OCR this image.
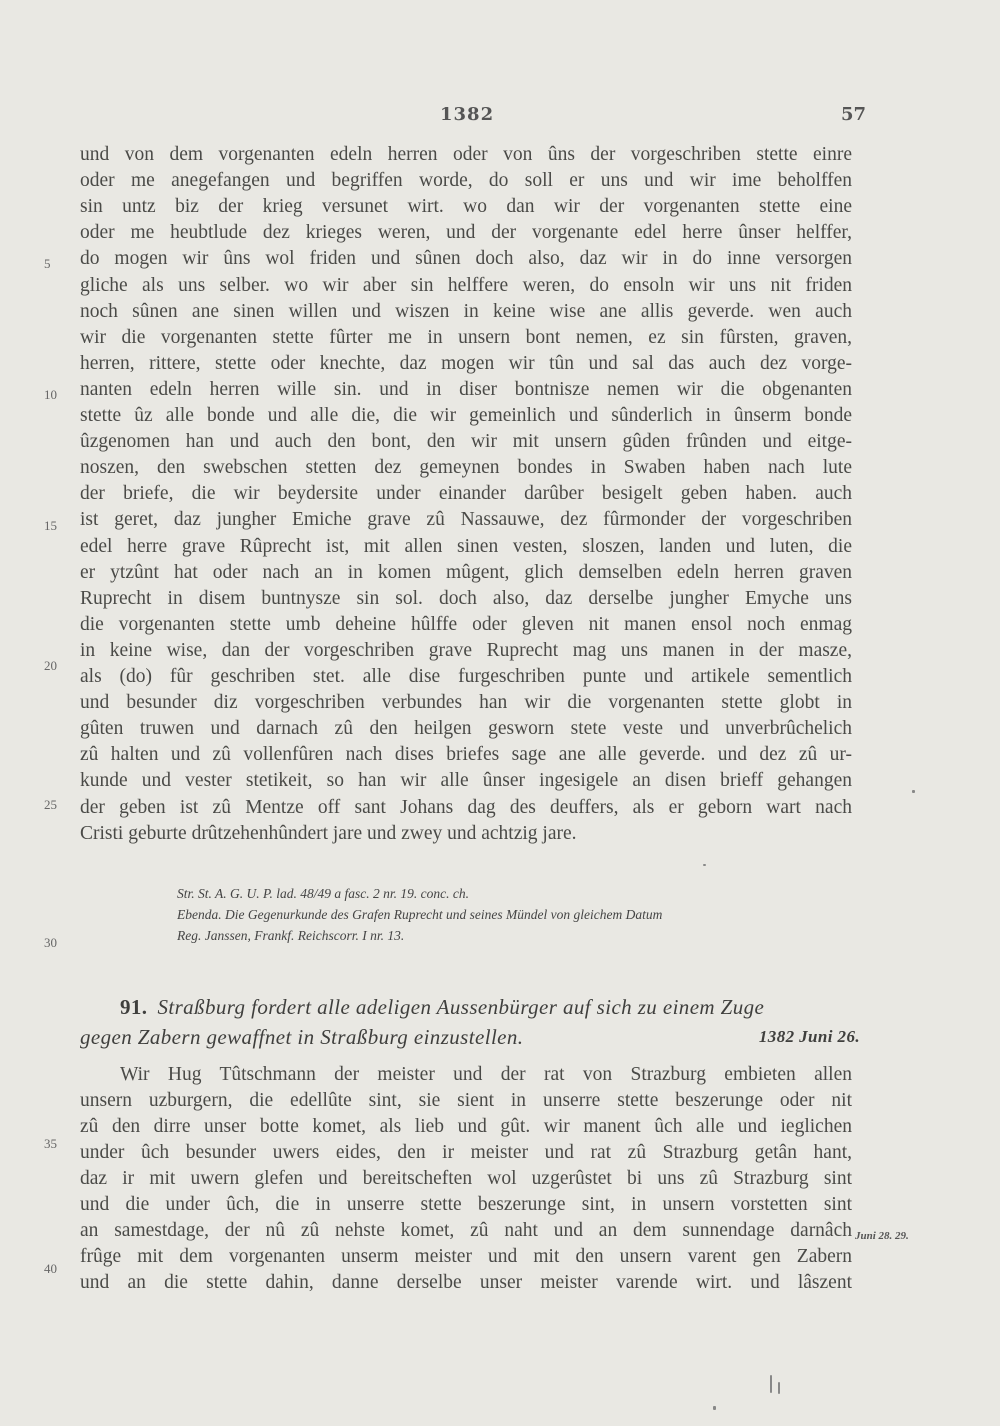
1382	57
und von dem vorgenanten edeln herren oder von ûns der vorgeschriben stette einre
oder me anegefangen und begriffen worde, do soll er uns und wir ime beholffen
sin untz biz der krieg versunet wirt. wo dan wir der vorgenanten stette eine
oder me heubtlude dez krieges weren, und der vorgenante edel herre ûnser helffer,
do mogen wir ûns wol friden und sûnen doch also, daz wir in do inne versorgen
gliche als uns selber. wo wir aber sin helffere weren, do ensoln wir uns nit friden
noch sûnen ane sinen willen und wiszen in keine wise ane allis geverde. wen auch
wir die vorgenanten stette fûrter me in unsern bont nemen, ez sin fûrsten, graven,
herren, rittere, stette oder knechte, daz mogen wir tûn und sal das auch dez vorge-
nanten edeln herren wille sin. und in diser bontnisze nemen wir die obgenanten
stette ûz alle bonde und alle die, die wir gemeinlich und sûnderlich in ûnserm bonde
ûzgenomen han und auch den bont, den wir mit unsern gûden frûnden und eitge-
noszen, den swebschen stetten dez gemeynen bondes in Swaben haben nach lute
der briefe, die wir beydersite under einander darûber besigelt geben haben. auch
ist geret, daz jungher Emiche grave zû Nassauwe, dez fûrmonder der vorgeschriben
edel herre grave Rûprecht ist, mit allen sinen vesten, sloszen, landen und luten, die
er ytzûnt hat oder nach an in komen mûgent, glich demselben edeln herren graven
Ruprecht in disem buntnysze sin sol. doch also, daz derselbe jungher Emyche uns
die vorgenanten stette umb deheine hûlffe oder gleven nit manen ensol noch enmag
in keine wise, dan der vorgeschriben grave Ruprecht mag uns manen in der masze,
als (do) fûr geschriben stet. alle dise furgeschriben punte und artikele sementlich
und besunder diz vorgeschriben verbundes han wir die vorgenanten stette globt in
gûten truwen und darnach zû den heilgen gesworn stete veste und unverbrûchelich
zû halten und zû vollenfûren nach dises briefes sage ane alle geverde. und dez zû ur-
kunde und vester stetikeit, so han wir alle ûnser ingesigele an disen brieff gehangen
der geben ist zû Mentze off sant Johans dag des deuffers, als er geborn wart nach
Cristi geburte drûtzehenhûndert jare und zwey und achtzig jare.
5
10
15
20
25
30
Str. St. A. G. U. P. lad. 48/49 a fasc. 2 nr. 19. conc. ch.
Ebenda. Die Gegenurkunde des Grafen Ruprecht und seines Mündel von gleichem Datum
Reg. Janssen, Frankf. Reichscorr. I nr. 13.
91. Straßburg fordert alle adeligen Aussenbürger auf sich zu einem Zuge
gegen Zabern gewaffnet in Straßburg einzustellen.	1382 Juni 26.
Wir Hug Tûtschmann der meister und der rat von Strazburg embieten allen
unsern uzburgern, die edellûte sint, sie sient in unserre stette beszerunge oder nit
zû den dirre unser botte komet, als lieb und gût. wir manent ûch alle und ieglichen
under ûch besunder uwers eides, den ir meister und rat zû Strazburg getân hant,
daz ir mit uwern glefen und bereitscheften wol uzgerûstet bi uns zû Strazburg sint
und die under ûch, die in unserre stette beszerunge sint, in unsern vorstetten sint
an samestdage, der nû zû nehste komet, zû naht und an dem sunnendage darnâch
frûge mit dem vorgenanten unserm meister und mit den unsern varent gen Zabern
und an die stette dahin, danne derselbe unser meister varende wirt. und lâszent
35
40
Juni 28. 29.
